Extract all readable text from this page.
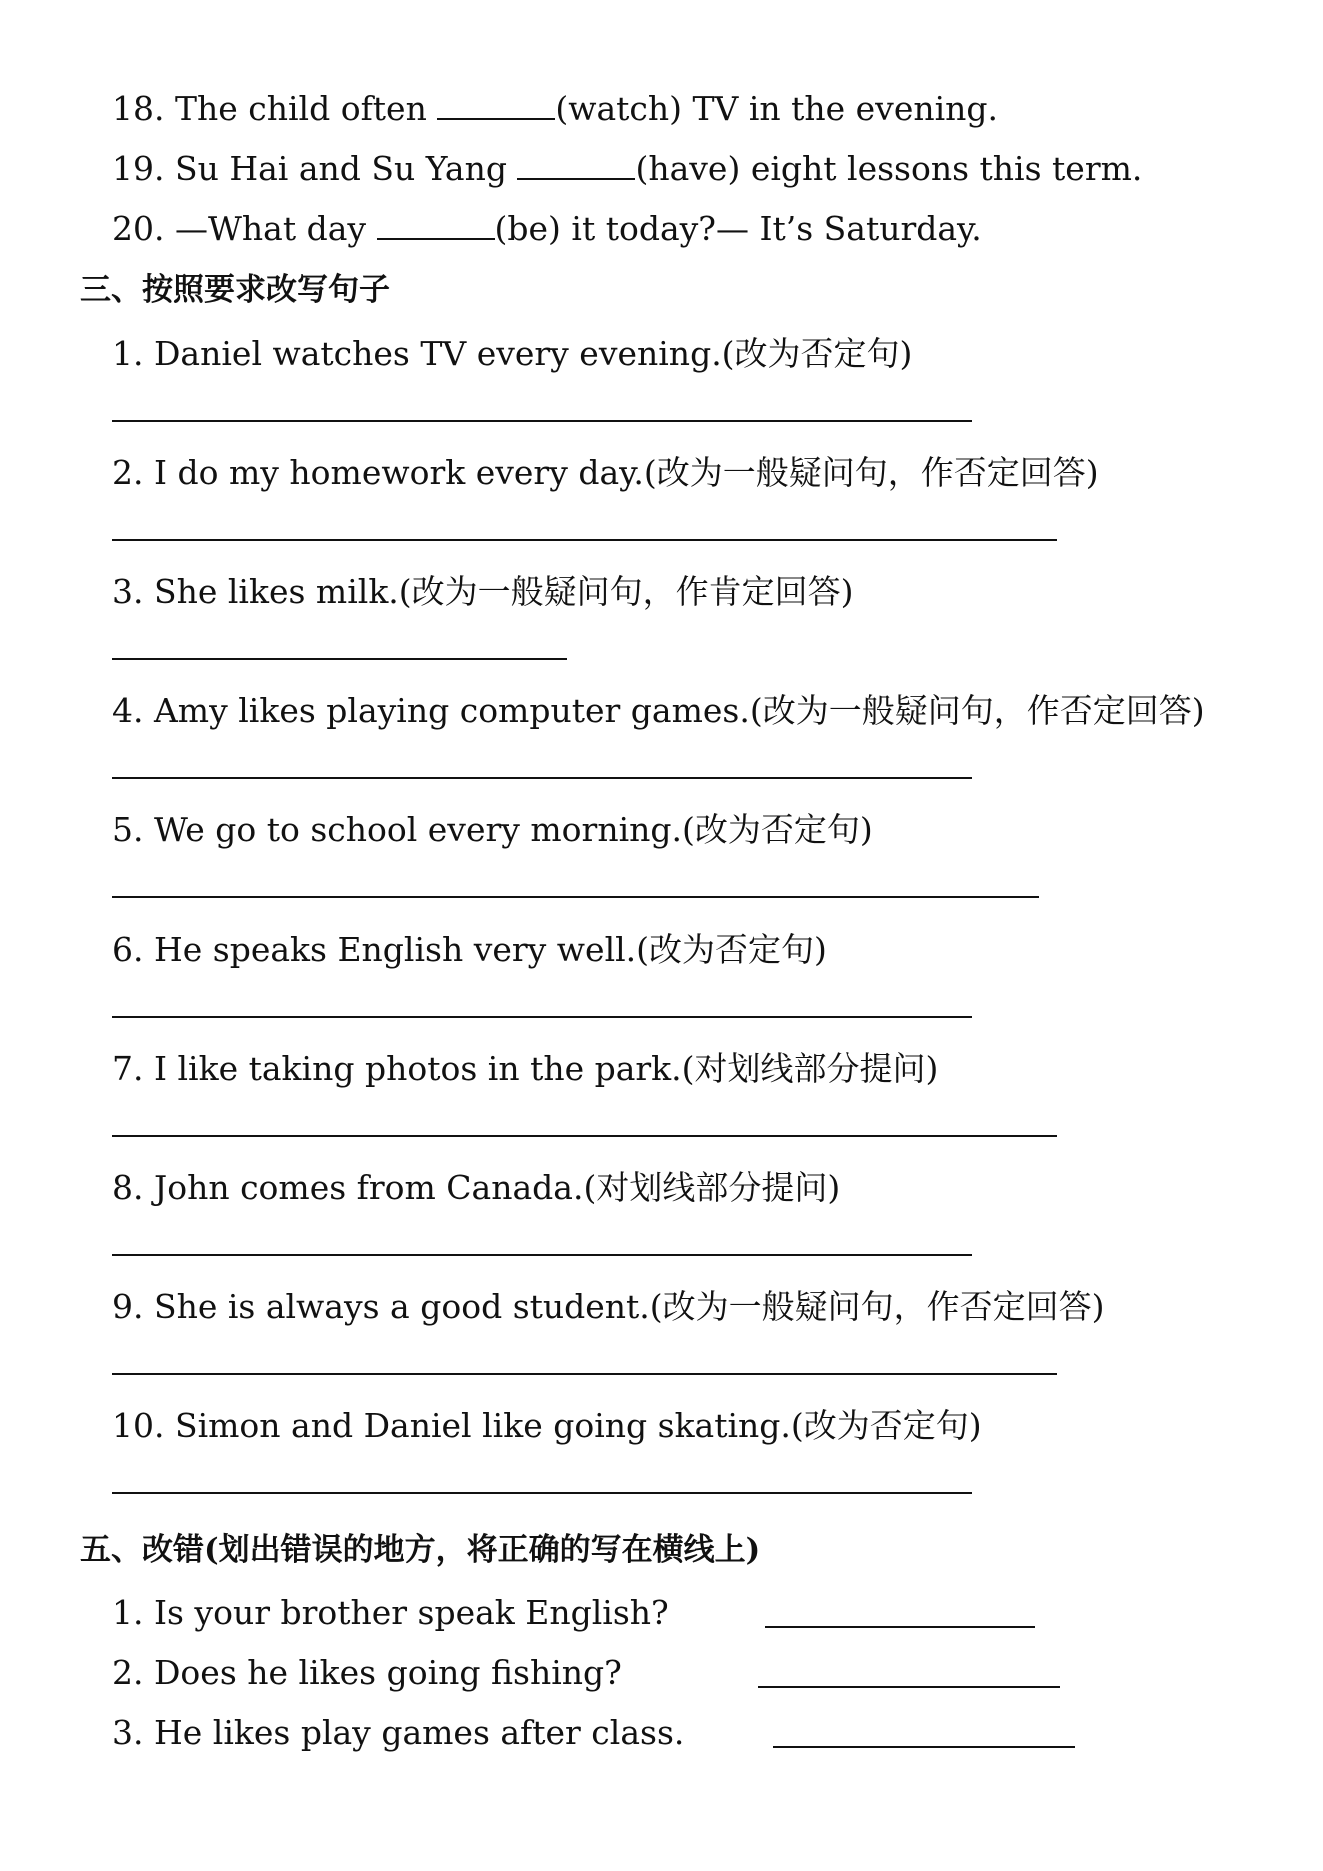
18. The child often	(watch) TV in the evening.
19. Su Hai and Su Yang	(have) eight lessons this term.
20. —What day	(be) it today?— It’s Saturday.
三、按照要求改写句子
1. Daniel watches TV every evening.(改为否定句)
2. I do my homework every day.(改为一般疑问句，作否定回答)
3. She likes milk.(改为一般疑问句，作肯定回答)
4. Amy likes playing computer games.(改为一般疑问句，作否定回答)
5. We go to school every morning.(改为否定句)
6. He speaks English very well.(改为否定句)
7. I like taking photos in the park.(对划线部分提问)
8. John comes from Canada.(对划线部分提问)
9. She is always a good student.(改为一般疑问句，作否定回答)
10. Simon and Daniel like going skating.(改为否定句)
五、改错(划出错误的地方，将正确的写在横线上)
1. Is your brother speak English?
2. Does he likes going fishing?
3. He likes play games after class.
